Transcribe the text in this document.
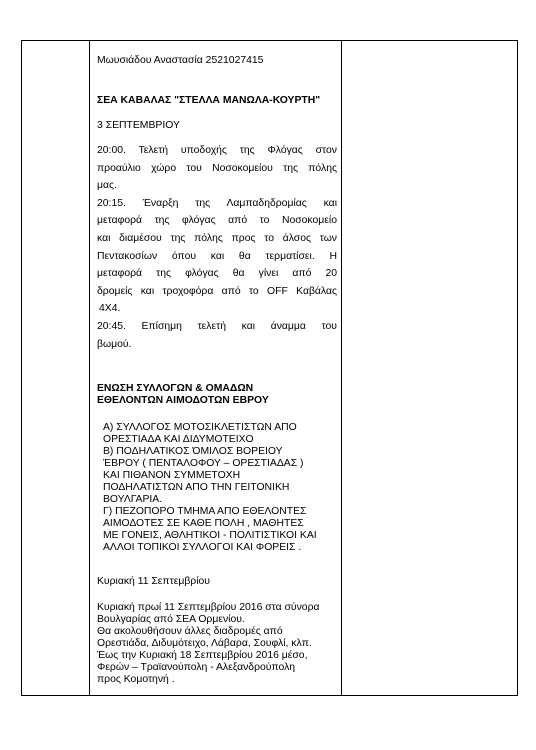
Μωυσιάδου Αναστασία 2521027415
ΣΕΑ ΚΑΒΑΛΑΣ "ΣΤΕΛΛΑ ΜΑΝΩΛΑ-ΚΟΥΡΤΗ"
3 ΣΕΠΤΕΜΒΡΙΟΥ
20:00. Τελετή υποδοχής της Φλόγας στον
προαύλιο χώρο του Νοσοκομείου της πόλης
μας.
20:15. Έναρξη της Λαμπαδηδρομίας και
μεταφορά της φλόγας από το Νοσοκομείο
και διαμέσου της πόλης προς το άλσος των
Πεντακοσίων όπου και θα τερματίσει. Η
μεταφορά της φλόγας θα γίνει από 20
δρομείς και τροχοφόρα από το OFF Καβάλας
4Χ4.
20:45. Επίσημη τελετή και άναμμα του
βωμού.
ΕΝΩΣΗ ΣΥΛΛΟΓΩΝ & ΟΜΑΔΩΝ
ΕΘΕΛΟΝΤΩΝ ΑΙΜΟΔΟΤΩΝ ΕΒΡΟΥ
Α) ΣΥΛΛΟΓΟΣ ΜΟΤΟΣΙΚΛΕΤΙΣΤΩΝ ΑΠΟ
ΟΡΕΣΤΙΑΔΑ ΚΑΙ ΔΙΔΥΜΟΤΕΙΧΟ
Β) ΠΟΔΗΛΑΤΙΚΟΣ ΌΜΙΛΟΣ ΒΟΡΕΙΟΥ
ΈΒΡΟΥ ( ΠΕΝΤΑΛΟΦΟΥ – ΟΡΕΣΤΙΑΔΑΣ )
ΚΑΙ ΠΙΘΑΝΟΝ ΣΥΜΜΕΤΟΧΗ
ΠΟΔΗΛΑΤΙΣΤΩΝ ΑΠΟ ΤΗΝ ΓΕΙΤΟΝΙΚΗ
ΒΟΥΛΓΑΡΙΑ.
Γ) ΠΕΖΟΠΟΡΟ ΤΜΗΜΑ ΑΠΟ ΕΘΕΛΟΝΤΕΣ
ΑΙΜΟΔΟΤΕΣ ΣΕ ΚΑΘΕ ΠΟΛΗ , ΜΑΘΗΤΕΣ
ΜΕ ΓΟΝΕΙΣ, ΑΘΛΗΤΙΚΟΙ - ΠΟΛΙΤΙΣΤΙΚΟΙ ΚΑΙ
ΑΛΛΟΙ ΤΟΠΙΚΟΙ ΣΥΛΛΟΓΟΙ ΚΑΙ ΦΟΡΕΙΣ .
Κυριακή 11 Σεπτεμβρίου
Κυριακή πρωί 11 Σεπτεμβρίου 2016 στα σύνορα
Βουλγαρίας από ΣΕΑ Ορμενίου.
Θα ακολουθήσουν άλλες διαδρομές από
Ορεστιάδα, Διδυμότειχο, Λάβαρα, Σουφλί, κλπ.
Έως την Κυριακή 18 Σεπτεμβρίου 2016 μέσο,
Φερών – Τραϊανούπολη - Αλεξανδρούπολη
προς Κομοτηνή .
